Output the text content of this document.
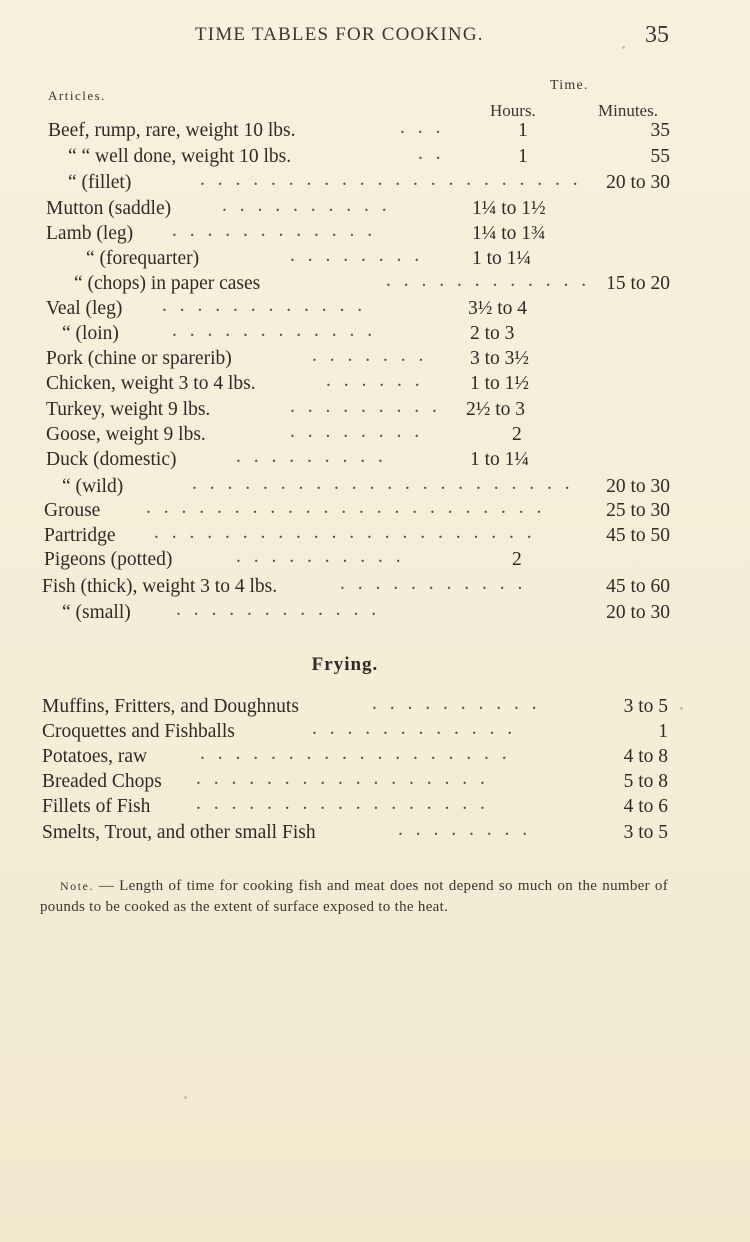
TIME TABLES FOR COOKING.	35
Articles.
Time.
Hours.	Minutes.
Beef, rump, rare, weight 10 lbs.	. . .	1	35
“ “ well done, weight 10 lbs.	. .	1	55
“ (fillet)	. . . . . . . . . . . . . . . . . . . . . .	20 to 30
Mutton (saddle)	. . . . . . . . . .	1¼ to 1½
Lamb (leg) . . . . . . . . . . . .	1¼ to 1¾
“ (forequarter)	. . . . . . . .	1 to 1¼
“ (chops) in paper cases	. . . . . . . . . . . . 15 to 20
Veal (leg) . . . . . . . . . . . .	3½ to 4
“ (loin)	. . . . . . . . . . . .	2 to 3
Pork (chine or sparerib)	. . . . . . . 3 to 3½
Chicken, weight 3 to 4 lbs.	. . . . . . 1 to 1½
Turkey, weight 9 lbs.	. . . . . . . . . 2½ to 3
Goose, weight 9 lbs.	. . . . . . . .	2
Duck (domestic)	. . . . . . . . .	1 to 1¼
“ (wild)	. . . . . . . . . . . . . . . . . . . . . .	20 to 30
Grouse . . . . . . . . . . . . . . . . . . . . . . .	25 to 30
Partridge . . . . . . . . . . . . . . . . . . . . . .	45 to 50
Pigeons (potted)	. . . . . . . . . .	2
Fish (thick), weight 3 to 4 lbs.	. . . . . . . . . . .	45 to 60
“ (small) . . . . . . . . . . . .	20 to 30
Frying.
Muffins, Fritters, and Doughnuts	. . . . . . . . . .	3 to 5
Croquettes and Fishballs	. . . . . . . . . . . .	1
Potatoes, raw	. . . . . . . . . . . . . . . . . .	4 to 8
Breaded Chops . . . . . . . . . . . . . . . . .	5 to 8
Fillets of Fish . . . . . . . . . . . . . . . . .	4 to 6
Smelts, Trout, and other small Fish	. . . . . . . .	3 to 5
Note. — Length of time for cooking fish and meat does not depend so much on the number of pounds to be cooked as the extent of surface exposed to the heat.
